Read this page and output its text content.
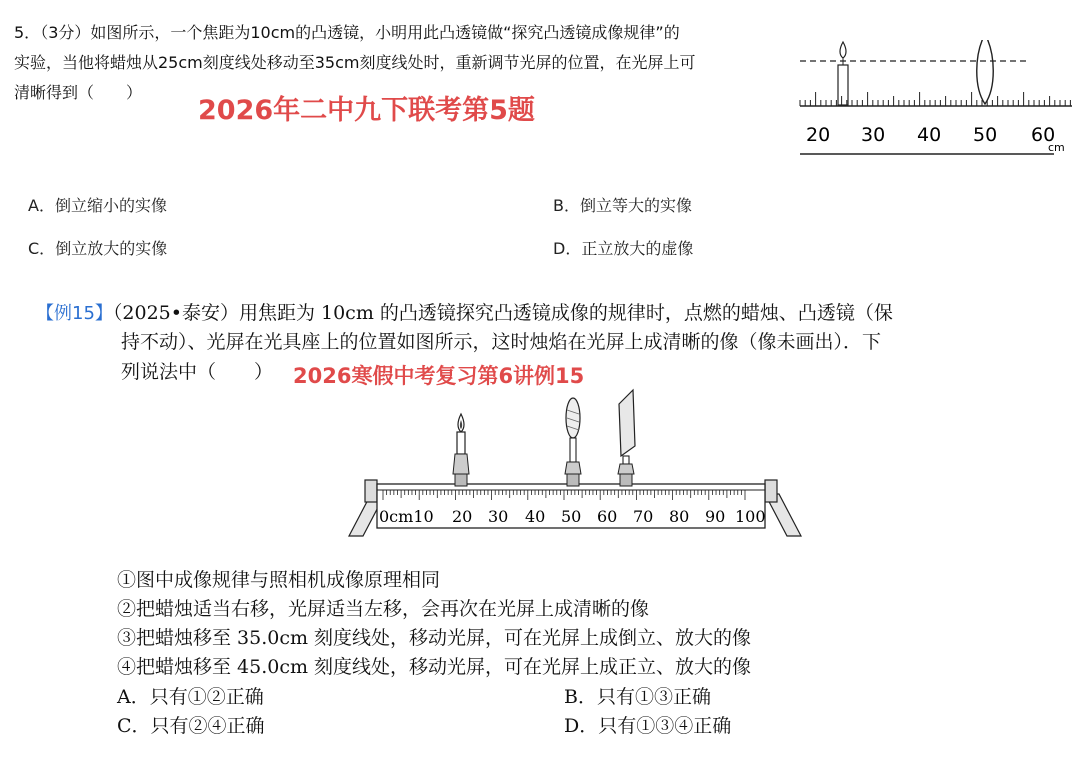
5．（3分）如图所示，一个焦距为10cm的凸透镜，小明用此凸透镜做“探究凸透镜成像规律”的
实验，当他将蜡烛从25cm刻度线处移动至35cm刻度线处时，重新调节光屏的位置，在光屏上可
清晰得到（　　）
2026年二中九下联考第5题
20 30 40 50 60
cm
A．倒立缩小的实像	B．倒立等大的实像
C．倒立放大的实像	D．正立放大的虚像
【例15】（2025•泰安）用焦距为 10cm 的凸透镜探究凸透镜成像的规律时，点燃的蜡烛、凸透镜（保
持不动）、光屏在光具座上的位置如图所示，这时烛焰在光屏上成清晰的像（像未画出）．下
列说法中（　　） 2026寒假中考复习第6讲例15
0cm10 20 30 40 50 60 70 80 90 100
①图中成像规律与照相机成像原理相同
②把蜡烛适当右移，光屏适当左移，会再次在光屏上成清晰的像
③把蜡烛移至 35.0cm 刻度线处，移动光屏，可在光屏上成倒立、放大的像
④把蜡烛移至 45.0cm 刻度线处，移动光屏，可在光屏上成正立、放大的像
A．只有①②正确	B．只有①③正确
C．只有②④正确	D．只有①③④正确
